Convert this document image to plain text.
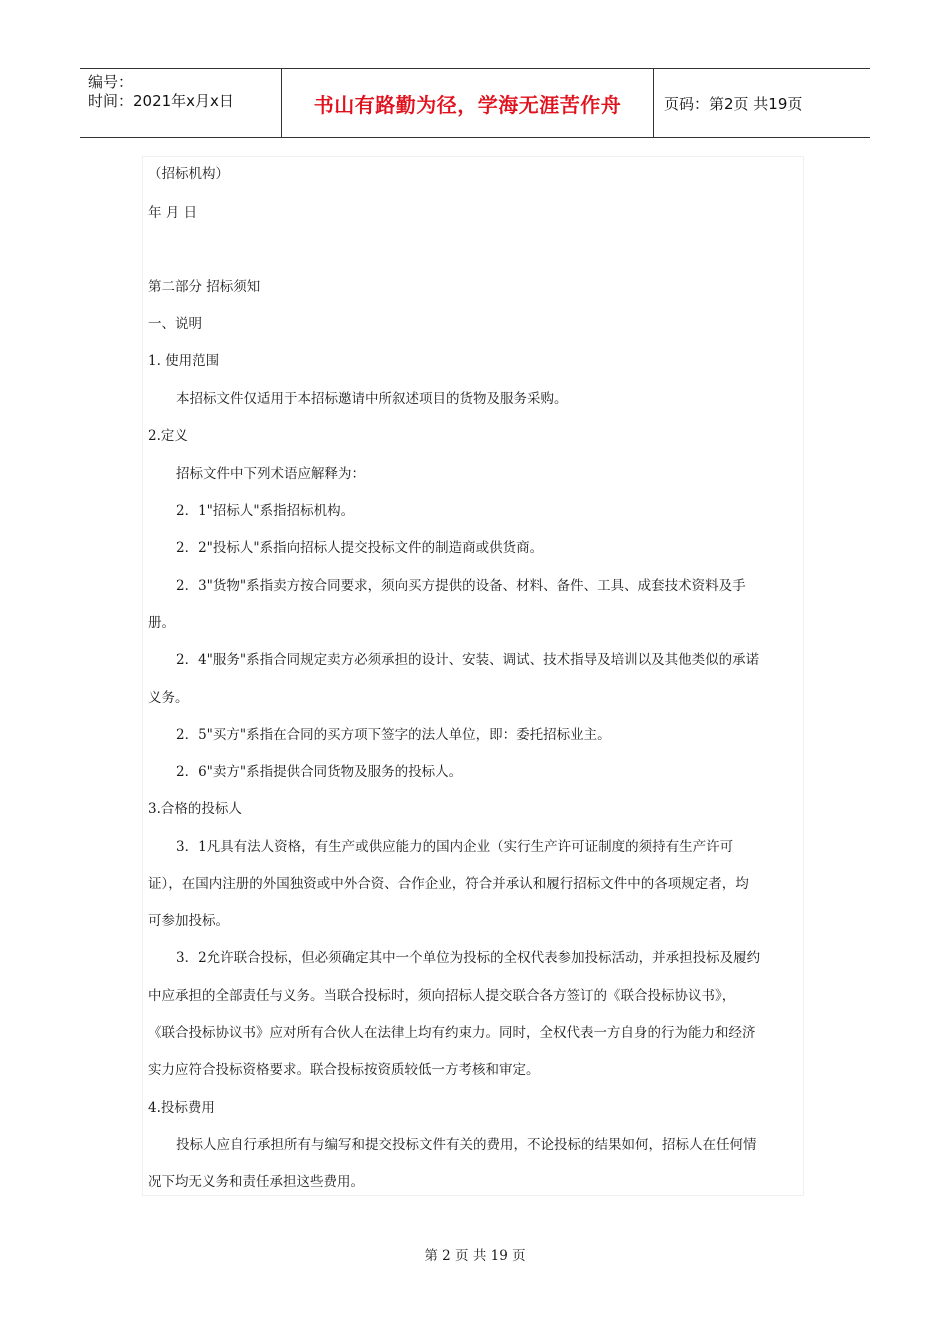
编号：
时间：2021年x月x日	书山有路勤为径，学海无涯苦作舟	页码：第2页 共19页
（招标机构）
年 月 日
第二部分 招标须知
一、说明
1. 使用范围
本招标文件仅适用于本招标邀请中所叙述项目的货物及服务采购。
2.定义
招标文件中下列术语应解释为：
2．1"招标人"系指招标机构。
2．2"投标人"系指向招标人提交投标文件的制造商或供货商。
2．3"货物"系指卖方按合同要求，须向买方提供的设备、材料、备件、工具、成套技术资料及手
册。
2．4"服务"系指合同规定卖方必须承担的设计、安装、调试、技术指导及培训以及其他类似的承诺
义务。
2．5"买方"系指在合同的买方项下签字的法人单位，即：委托招标业主。
2．6"卖方"系指提供合同货物及服务的投标人。
3.合格的投标人
3．1凡具有法人资格，有生产或供应能力的国内企业（实行生产许可证制度的须持有生产许可
证），在国内注册的外国独资或中外合资、合作企业，符合并承认和履行招标文件中的各项规定者，均
可参加投标。
3．2允许联合投标，但必须确定其中一个单位为投标的全权代表参加投标活动，并承担投标及履约
中应承担的全部责任与义务。当联合投标时，须向招标人提交联合各方签订的《联合投标协议书》，
《联合投标协议书》应对所有合伙人在法律上均有约束力。同时，全权代表一方自身的行为能力和经济
实力应符合投标资格要求。联合投标按资质较低一方考核和审定。
4.投标费用
投标人应自行承担所有与编写和提交投标文件有关的费用，不论投标的结果如何，招标人在任何情
况下均无义务和责任承担这些费用。
第 2 页 共 19 页
